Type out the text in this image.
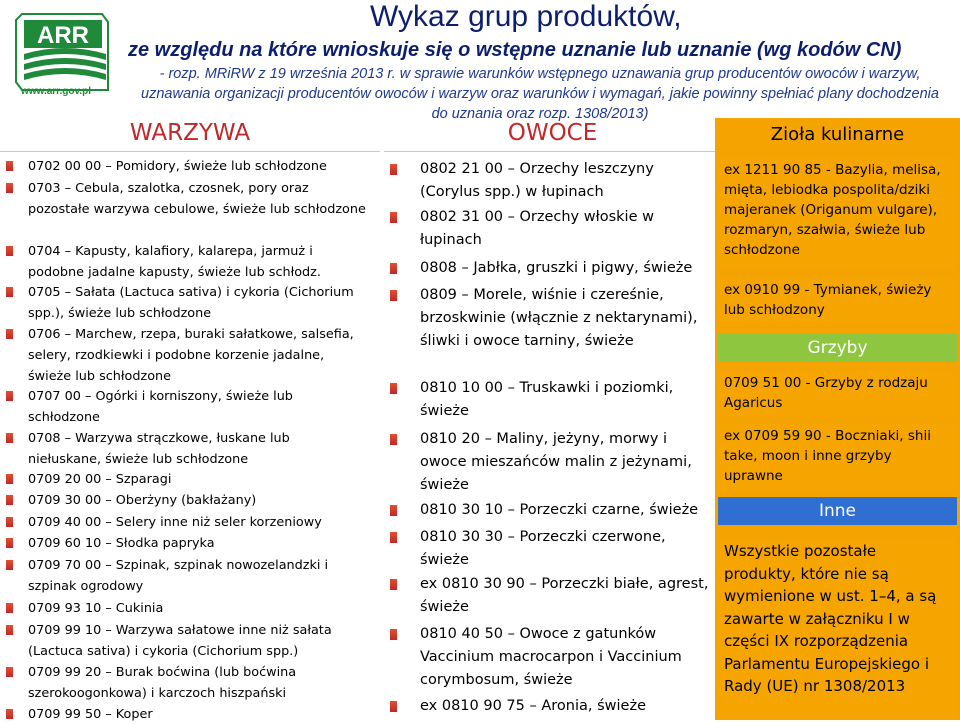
ARR
www.arr.gov.pl
Wykaz grup produktów,
ze względu na które wnioskuje się o wstępne uznanie lub uznanie (wg kodów CN)
- rozp. MRiRW z 19 września 2013 r. w sprawie warunków wstępnego uznawania grup producentów owoców i warzyw, uznawania organizacji producentów owoców i warzyw oraz warunków i wymagań, jakie powinny spełniać plany dochodzenia do uznania oraz rozp. 1308/2013)
WARZYWA	OWOCE
0702 00 00 – Pomidory, świeże lub schłodzone
0703 – Cebula, szalotka, czosnek, pory oraz pozostałe warzywa cebulowe, świeże lub schłodzone
0704 – Kapusty, kalafiory, kalarepa, jarmuż i podobne jadalne kapusty, świeże lub schłodz.
0705 – Sałata (Lactuca sativa) i cykoria (Cichorium spp.), świeże lub schłodzone
0706 – Marchew, rzepa, buraki sałatkowe, salsefia, selery, rzodkiewki i podobne korzenie jadalne, świeże lub schłodzone
0707 00 – Ogórki i korniszony, świeże lub schłodzone
0708 – Warzywa strączkowe, łuskane lub niełuskane, świeże lub schłodzone
0709 20 00 – Szparagi
0709 30 00 – Oberżyny (bakłażany)
0709 40 00 – Selery inne niż seler korzeniowy
0709 60 10 – Słodka papryka
0709 70 00 – Szpinak, szpinak nowozelandzki i szpinak ogrodowy
0709 93 10 – Cukinia
0709 99 10 – Warzywa sałatowe inne niż sałata (Lactuca sativa) i cykoria (Cichorium spp.)
0709 99 20 – Burak boćwina (lub boćwina szerokoogonkowa) i karczoch hiszpański
0709 99 50 – Koper
0802 21 00 – Orzechy leszczyny (Corylus spp.) w łupinach
0802 31 00 – Orzechy włoskie w łupinach
0808 – Jabłka, gruszki i pigwy, świeże
0809 – Morele, wiśnie i czereśnie, brzoskwinie (włącznie z nektarynami), śliwki i owoce tarniny, świeże
0810 10 00 – Truskawki i poziomki, świeże
0810 20 – Maliny, jeżyny, morwy i owoce mieszańców malin z jeżynami, świeże
0810 30 10 – Porzeczki czarne, świeże
0810 30 30 – Porzeczki czerwone, świeże
ex 0810 30 90 – Porzeczki białe, agrest, świeże
0810 40 50 – Owoce z gatunków Vaccinium macrocarpon i Vaccinium corymbosum, świeże
ex 0810 90 75 – Aronia, świeże
Zioła kulinarne
ex 1211 90 85 - Bazylia, melisa, mięta, lebiodka pospolita/dziki majeranek (Origanum vulgare), rozmaryn, szałwia, świeże lub schłodzone
ex 0910 99 - Tymianek, świeży lub schłodzony
Grzyby
0709 51 00 - Grzyby z rodzaju Agaricus
ex 0709 59 90 - Boczniaki, shii take, moon i inne grzyby uprawne
Inne
Wszystkie pozostałe produkty, które nie są wymienione w ust. 1–4, a są zawarte w załączniku I w części IX rozporządzenia Parlamentu Europejskiego i Rady (UE) nr 1308/2013
